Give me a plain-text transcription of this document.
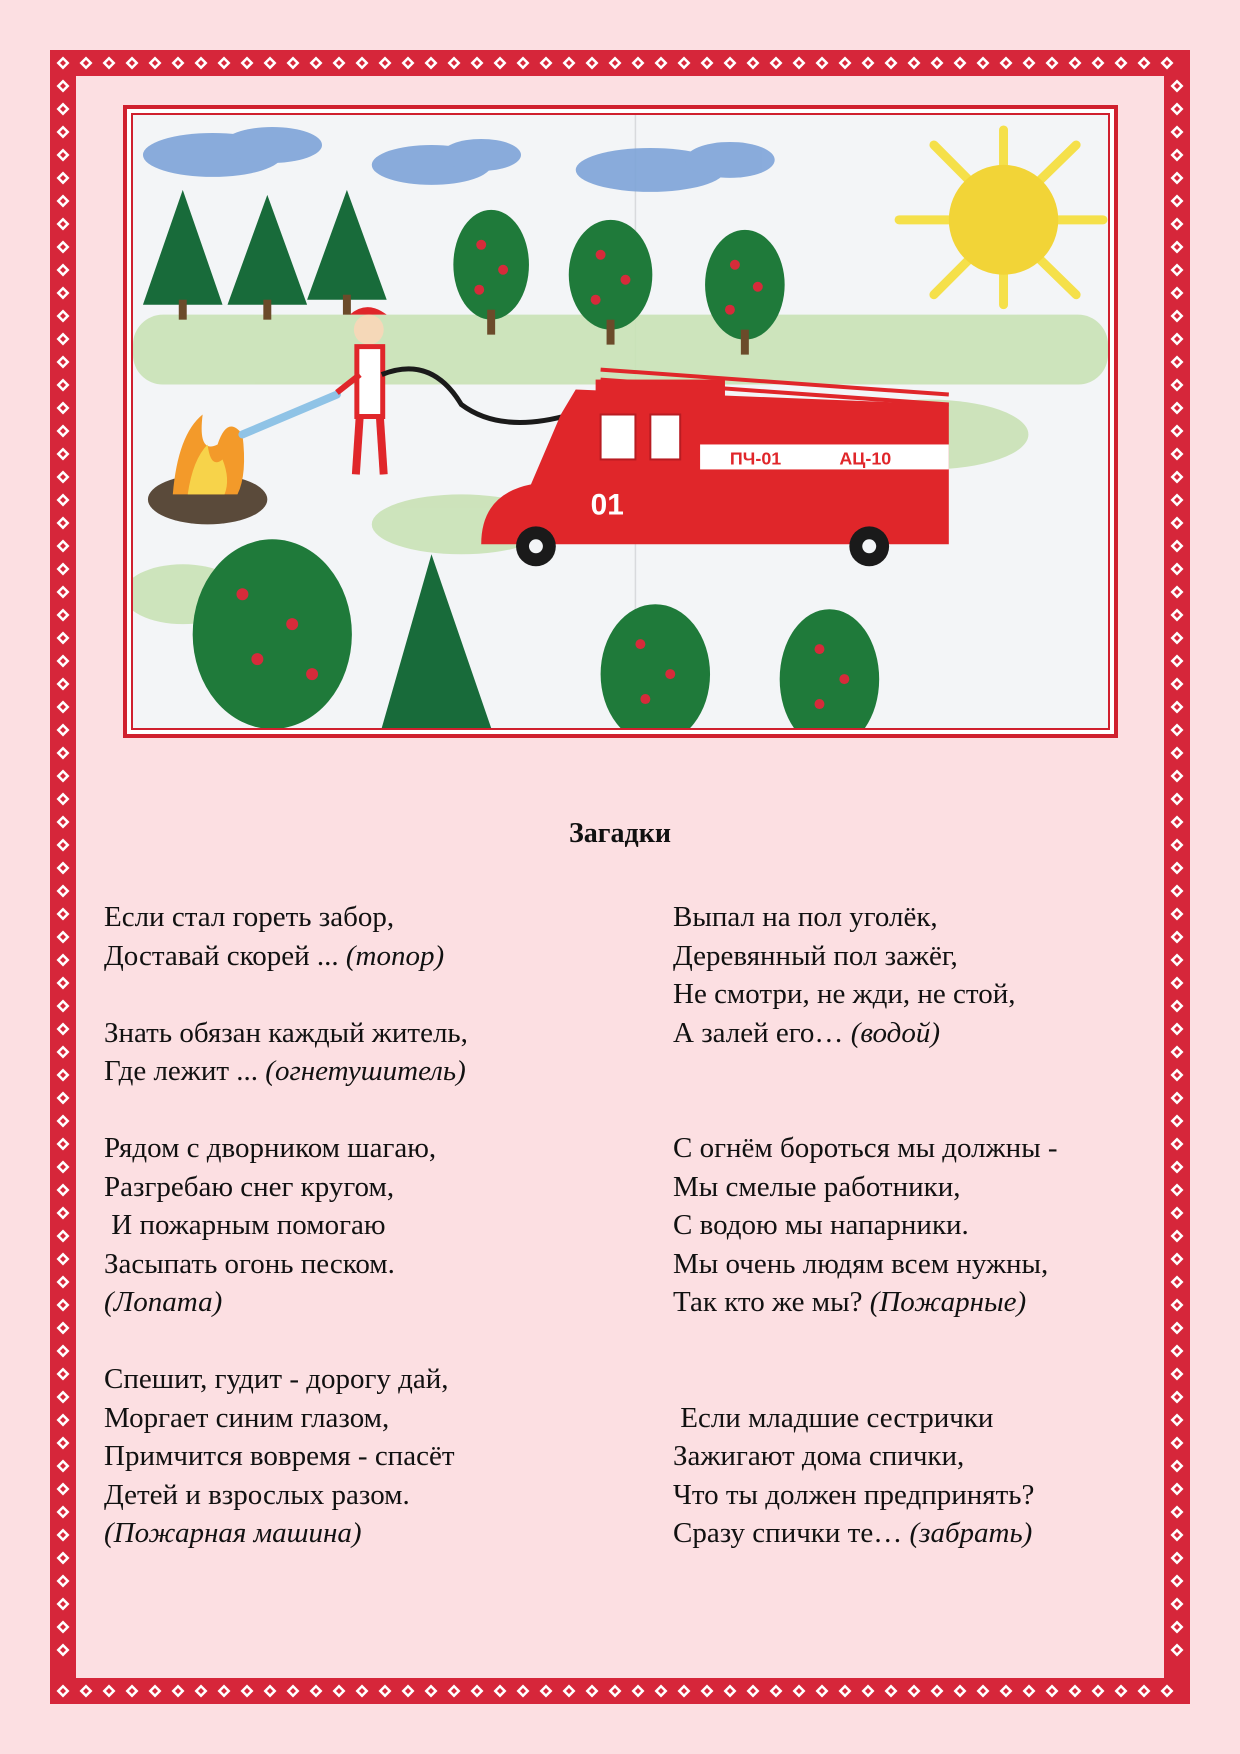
ПЧ-01	АЦ-10
01
Загадки
Если стал гореть забор,
Доставай скорей ... (топор)
Знать обязан каждый житель,
Где лежит ... (огнетушитель)
Рядом с дворником шагаю,
Разгребаю снег кругом,
И пожарным помогаю
Засыпать огонь песком.
(Лопата)
Спешит, гудит - дорогу дай,
Моргает синим глазом,
Примчится вовремя - спасёт
Детей и взрослых разом.
(Пожарная машина)
Выпал на пол уголёк,
Деревянный пол зажёг,
Не смотри, не жди, не стой,
А залей его… (водой)
С огнём бороться мы должны -
Мы смелые работники,
С водою мы напарники.
Мы очень людям всем нужны,
Так кто же мы? (Пожарные)
Если младшие сестрички
Зажигают дома спички,
Что ты должен предпринять?
Сразу спички те… (забрать)
